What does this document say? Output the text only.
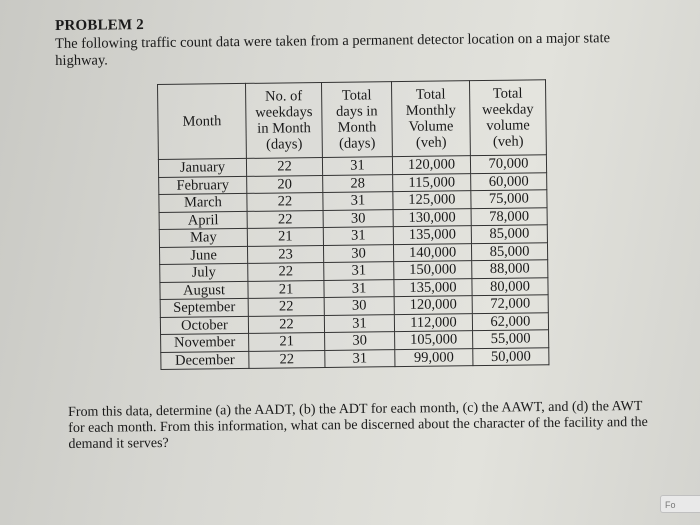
PROBLEM 2
The following traffic count data were taken from a permanent detector location on a major state highway.
Month	No. of
weekdays
in Month
(days)	Total
days in
Month
(days)	Total
Monthly
Volume
(veh)	Total
weekday
volume
(veh)

January	22	31	120,000	70,000
February	20	28	115,000	60,000
March	22	31	125,000	75,000
April	22	30	130,000	78,000
May	21	31	135,000	85,000
June	23	30	140,000	85,000
July	22	31	150,000	88,000
August	21	31	135,000	80,000
September	22	30	120,000	72,000
October	22	31	112,000	62,000
November	21	30	105,000	55,000
December	22	31	99,000	50,000
From this data, determine (a) the AADT, (b) the ADT for each month, (c) the AAWT, and (d) the AWT for each month. From this information, what can be discerned about the character of the facility and the demand it serves?
Fo
